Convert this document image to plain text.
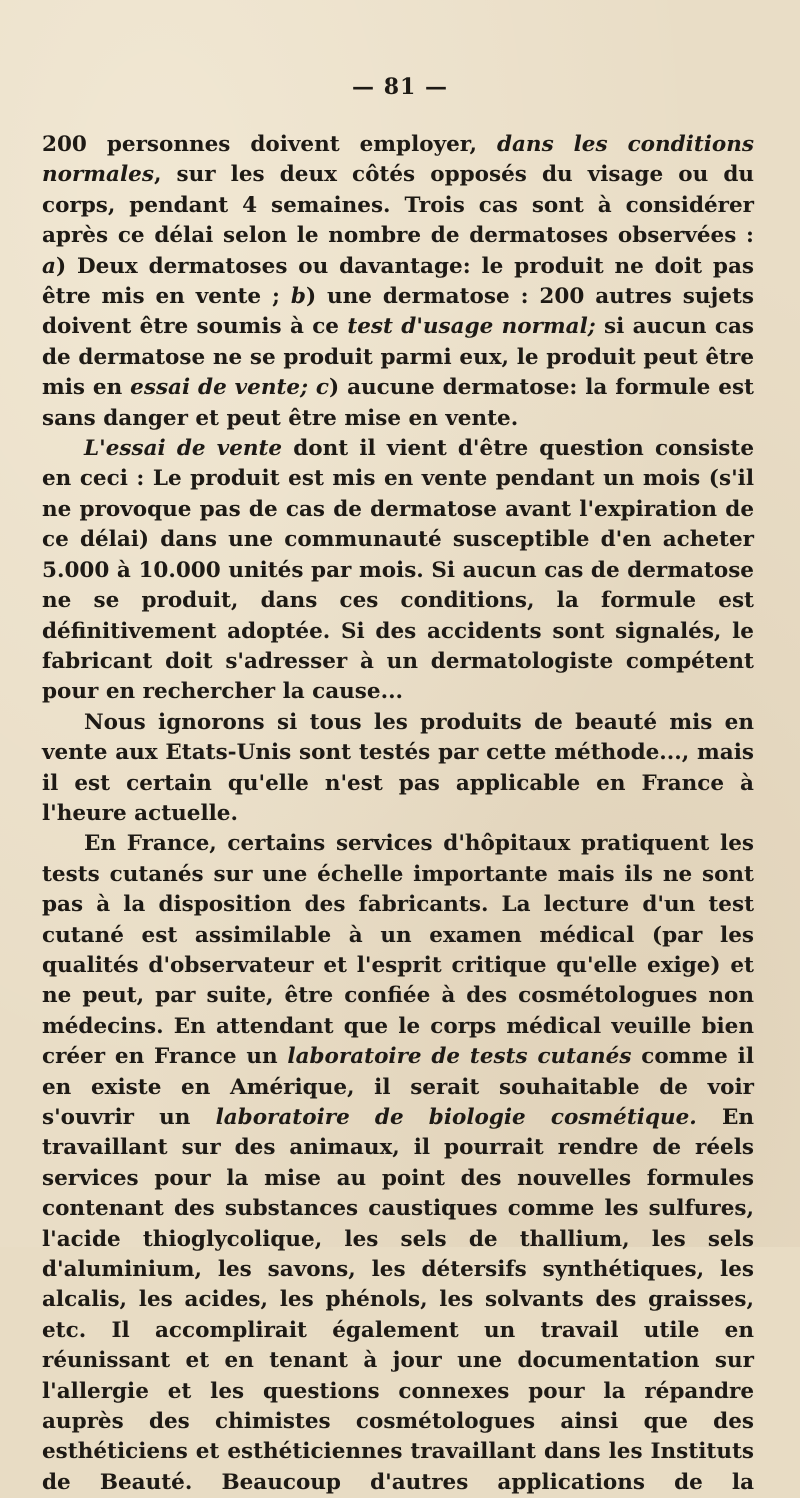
— 81 —

200 personnes doivent employer, dans les conditions normales, sur les deux côtés opposés du visage ou du corps, pendant 4 semaines. Trois cas sont à considérer après ce délai selon le nombre de dermatoses observées : a) Deux dermatoses ou davantage: le produit ne doit pas être mis en vente ; b) une dermatose : 200 autres sujets doivent être soumis à ce test d'usage normal; si aucun cas de dermatose ne se produit parmi eux, le produit peut être mis en essai de vente; c) aucune dermatose: la formule est sans danger et peut être mise en vente.

L'essai de vente dont il vient d'être question consiste en ceci : Le produit est mis en vente pendant un mois (s'il ne provoque pas de cas de dermatose avant l'expiration de ce délai) dans une communauté susceptible d'en acheter 5.000 à 10.000 unités par mois. Si aucun cas de dermatose ne se produit, dans ces conditions, la formule est définitivement adoptée. Si des accidents sont signalés, le fabricant doit s'adresser à un dermatologiste compétent pour en rechercher la cause...

Nous ignorons si tous les produits de beauté mis en vente aux Etats-Unis sont testés par cette méthode..., mais il est certain qu'elle n'est pas applicable en France à l'heure actuelle.

En France, certains services d'hôpitaux pratiquent les tests cutanés sur une échelle importante mais ils ne sont pas à la disposition des fabricants. La lecture d'un test cutané est assimilable à un examen médical (par les qualités d'observateur et l'esprit critique qu'elle exige) et ne peut, par suite, être confiée à des cosmétologues non médecins. En attendant que le corps médical veuille bien créer en France un laboratoire de tests cutanés comme il en existe en Amérique, il serait souhaitable de voir s'ouvrir un laboratoire de biologie cosmétique. En travaillant sur des animaux, il pourrait rendre de réels services pour la mise au point des nouvelles formules contenant des substances caustiques comme les sulfures, l'acide thioglycolique, les sels de thallium, les sels d'aluminium, les savons, les détersifs synthétiques, les alcalis, les acides, les phénols, les solvants des graisses, etc. Il accomplirait également un travail utile en réunissant et en tenant à jour une documentation sur l'allergie et les questions connexes pour la répandre auprès des chimistes cosmétologues ainsi que des esthéticiens et esthéticiennes travaillant dans les Instituts de Beauté. Beaucoup d'autres applications de la
